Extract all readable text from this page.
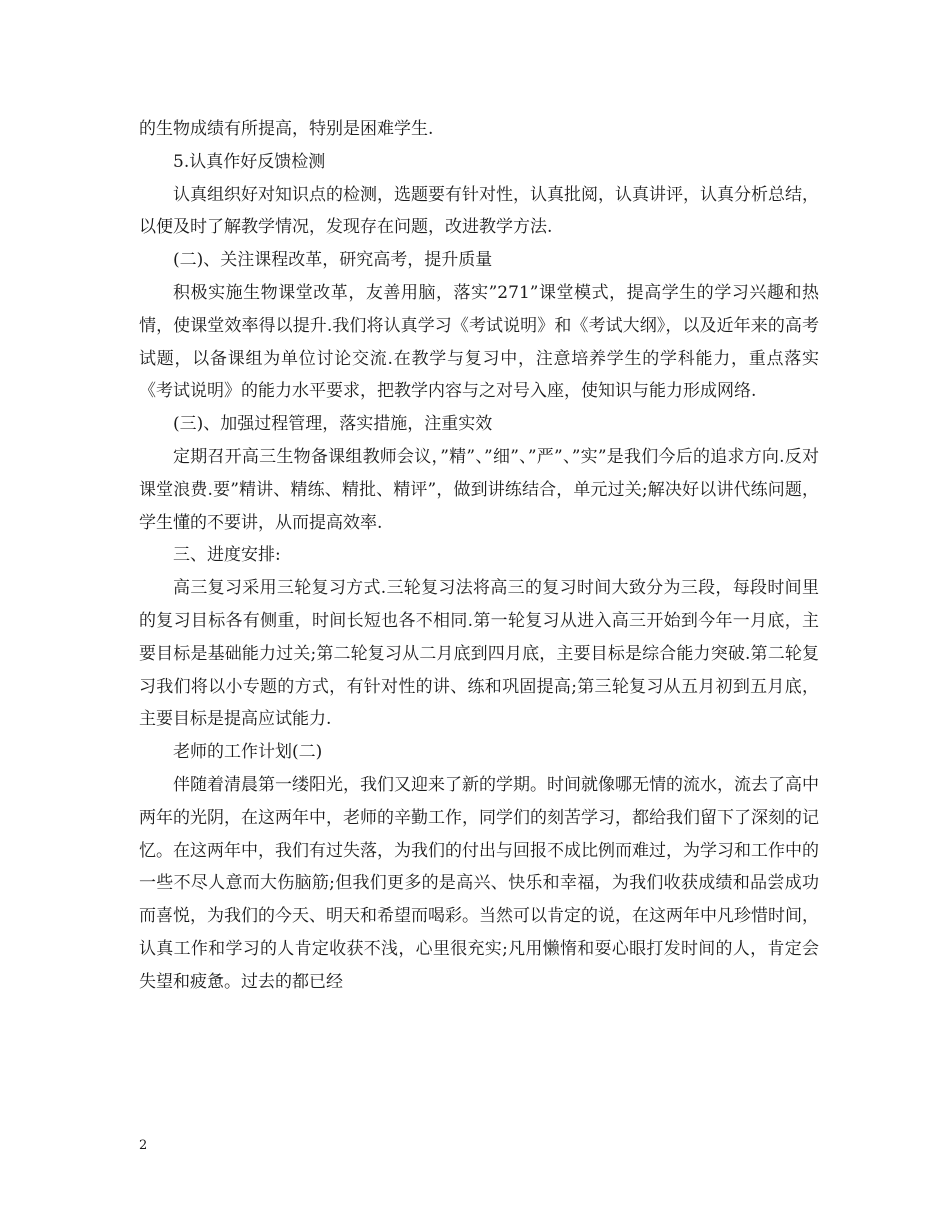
的生物成绩有所提高，特别是困难学生.

5.认真作好反馈检测

认真组织好对知识点的检测，选题要有针对性，认真批阅，认真讲评，认真分析总结，以便及时了解教学情况，发现存在问题，改进教学方法.

(二)、关注课程改革，研究高考，提升质量

积极实施生物课堂改革，友善用脑，落实”271”课堂模式，提高学生的学习兴趣和热情，使课堂效率得以提升.我们将认真学习《考试说明》和《考试大纲》，以及近年来的高考试题，以备课组为单位讨论交流.在教学与复习中，注意培养学生的学科能力，重点落实《考试说明》的能力水平要求，把教学内容与之对号入座，使知识与能力形成网络.

(三)、加强过程管理，落实措施，注重实效

定期召开高三生物备课组教师会议，”精”、”细”、”严”、”实”是我们今后的追求方向.反对课堂浪费.要”精讲、精练、精批、精评”，做到讲练结合，单元过关;解决好以讲代练问题，学生懂的不要讲，从而提高效率.

三、进度安排:

高三复习采用三轮复习方式.三轮复习法将高三的复习时间大致分为三段，每段时间里的复习目标各有侧重，时间长短也各不相同.第一轮复习从进入高三开始到今年一月底，主要目标是基础能力过关;第二轮复习从二月底到四月底，主要目标是综合能力突破.第二轮复习我们将以小专题的方式，有针对性的讲、练和巩固提高;第三轮复习从五月初到五月底，主要目标是提高应试能力.

老师的工作计划(二)

伴随着清晨第一缕阳光，我们又迎来了新的学期。时间就像哪无情的流水，流去了高中两年的光阴，在这两年中，老师的辛勤工作，同学们的刻苦学习，都给我们留下了深刻的记忆。在这两年中，我们有过失落，为我们的付出与回报不成比例而难过，为学习和工作中的一些不尽人意而大伤脑筋;但我们更多的是高兴、快乐和幸福，为我们收获成绩和品尝成功而喜悦，为我们的今天、明天和希望而喝彩。当然可以肯定的说，在这两年中凡珍惜时间，认真工作和学习的人肯定收获不浅，心里很充实;凡用懒惰和耍心眼打发时间的人，肯定会失望和疲惫。过去的都已经

2
